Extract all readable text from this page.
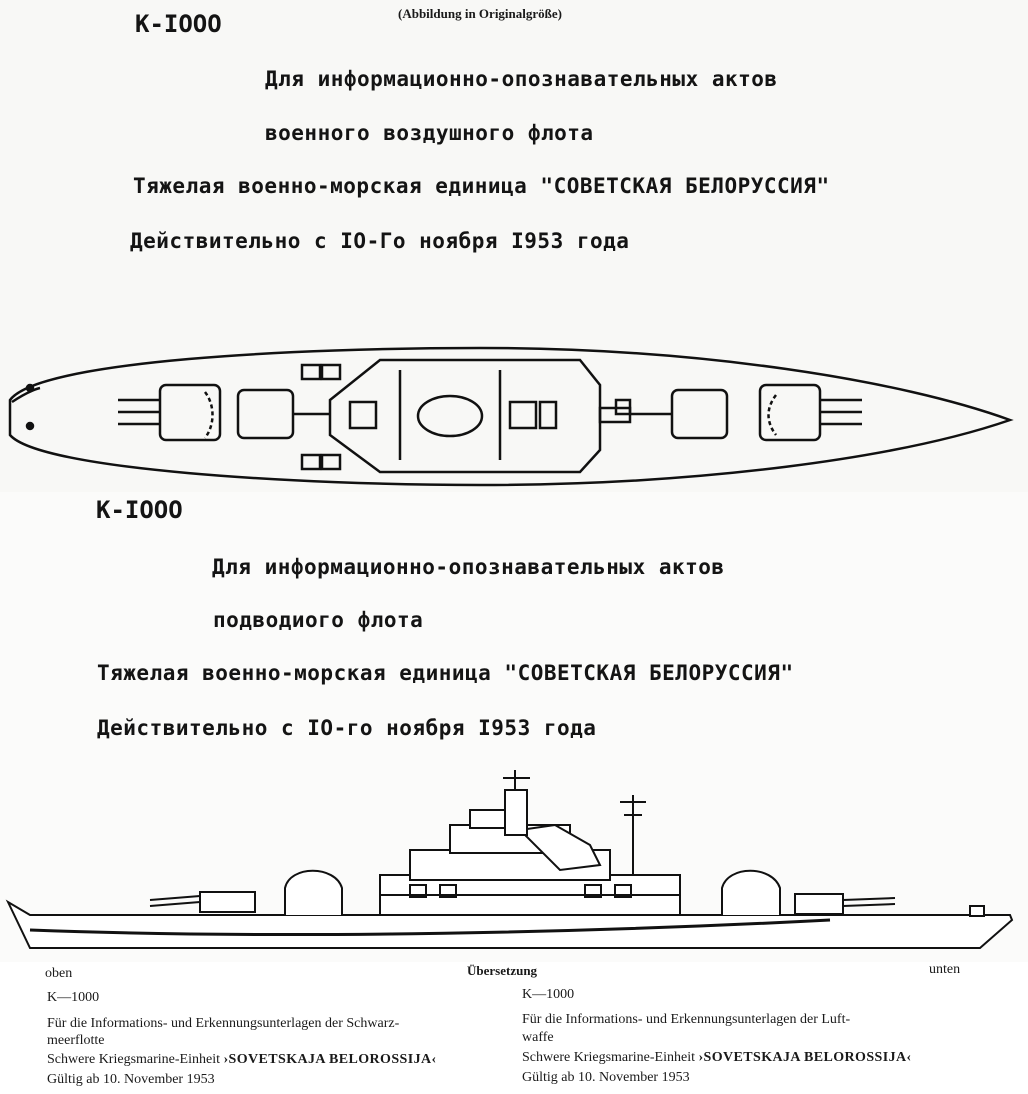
(Abbildung in Originalgröße)
K-IOOO
Для информационно-опознавательных актов
военного воздушного флота
Тяжелая военно-морская единица "СОВЕТСКАЯ БЕЛОРУССИЯ"
Действительно с IO-Го ноября I953 года
K-IOOO
Для информационно-опознавательных актов
подводиого флота
Тяжелая военно-морская единица "СОВЕТСКАЯ БЕЛОРУССИЯ"
Действительно с IO-го ноября I953 года
Übersetzung
oben	unten
K—1000
Für die Informations- und Erkennungsunterlagen der Schwarz-
meerflotte
Schwere Kriegsmarine-Einheit ›SOVETSKAJA BELOROSSIJA‹
Gültig ab 10. November 1953
K—1000
Für die Informations- und Erkennungsunterlagen der Luft-
waffe
Schwere Kriegsmarine-Einheit ›SOVETSKAJA BELOROSSIJA‹
Gültig ab 10. November 1953
